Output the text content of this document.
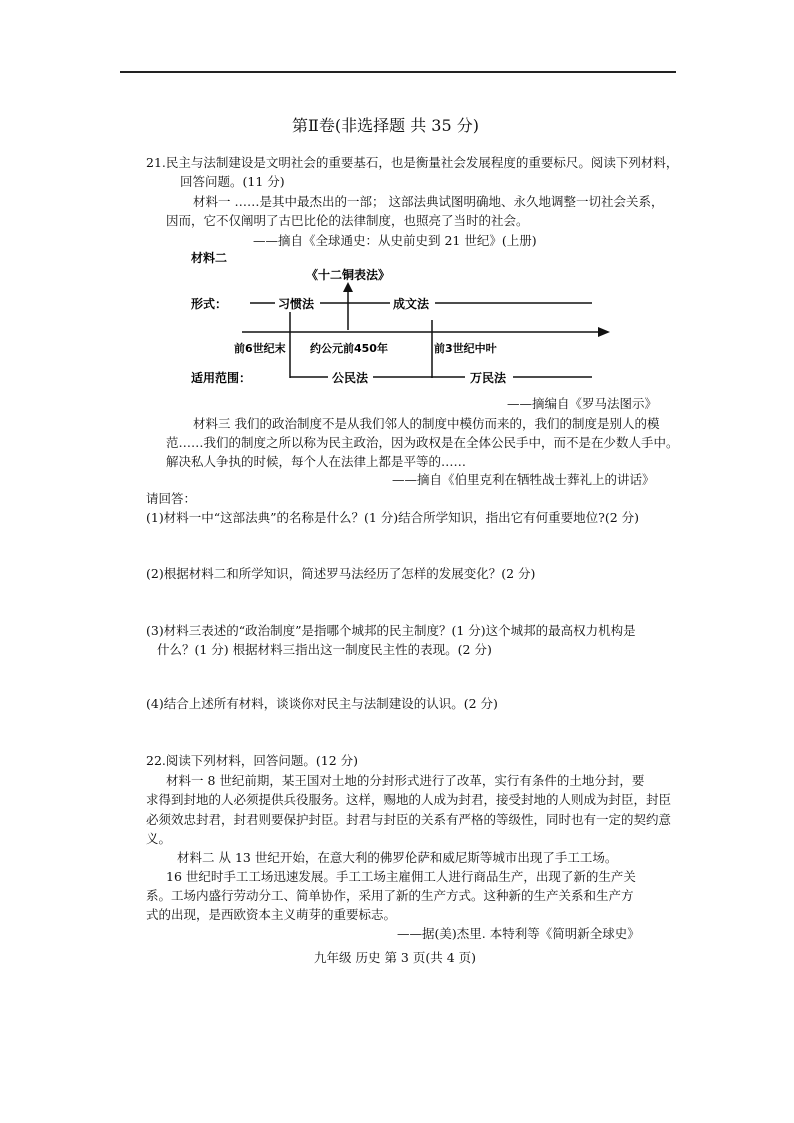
第Ⅱ卷(非选择题 共 35 分)
21.民主与法制建设是文明社会的重要基石，也是衡量社会发展程度的重要标尺。阅读下列材料，
回答问题。(11 分)
材料一 ……是其中最杰出的一部； 这部法典试图明确地、永久地调整一切社会关系，
因而，它不仅阐明了古巴比伦的法律制度，也照亮了当时的社会。
——摘自《全球通史：从史前史到 21 世纪》(上册)
材料二
《十二铜表法》
形式：	习惯法	成文法
前6世纪末 约公元前450年	前3世纪中叶
适用范围：	公民法	万民法
——摘编自《罗马法图示》
材料三 我们的政治制度不是从我们邻人的制度中模仿而来的，我们的制度是别人的模
范……我们的制度之所以称为民主政治，因为政权是在全体公民手中，而不是在少数人手中。
解决私人争执的时候，每个人在法律上都是平等的……
——摘自《伯里克利在牺牲战士葬礼上的讲话》
请回答：
(1)材料一中“这部法典”的名称是什么？(1 分)结合所学知识，指出它有何重要地位?(2 分)
(2)根据材料二和所学知识，简述罗马法经历了怎样的发展变化？(2 分)
(3)材料三表述的“政治制度”是指哪个城邦的民主制度？(1 分)这个城邦的最高权力机构是
什么？(1 分) 根据材料三指出这一制度民主性的表现。(2 分)
(4)结合上述所有材料，谈谈你对民主与法制建设的认识。(2 分)
22.阅读下列材料，回答问题。(12 分)
材料一 8 世纪前期，某王国对土地的分封形式进行了改革，实行有条件的土地分封，要
求得到封地的人必须提供兵役服务。这样，赐地的人成为封君，接受封地的人则成为封臣，封臣
必须效忠封君，封君则要保护封臣。封君与封臣的关系有严格的等级性，同时也有一定的契约意
义。
材料二 从 13 世纪开始，在意大利的佛罗伦萨和威尼斯等城市出现了手工工场。
16 世纪时手工工场迅速发展。手工工场主雇佣工人进行商品生产，出现了新的生产关
系。工场内盛行劳动分工、简单协作，采用了新的生产方式。这种新的生产关系和生产方
式的出现，是西欧资本主义萌芽的重要标志。
——据(美)杰里. 本特利等《简明新全球史》
九年级 历史 第 3 页(共 4 页)
